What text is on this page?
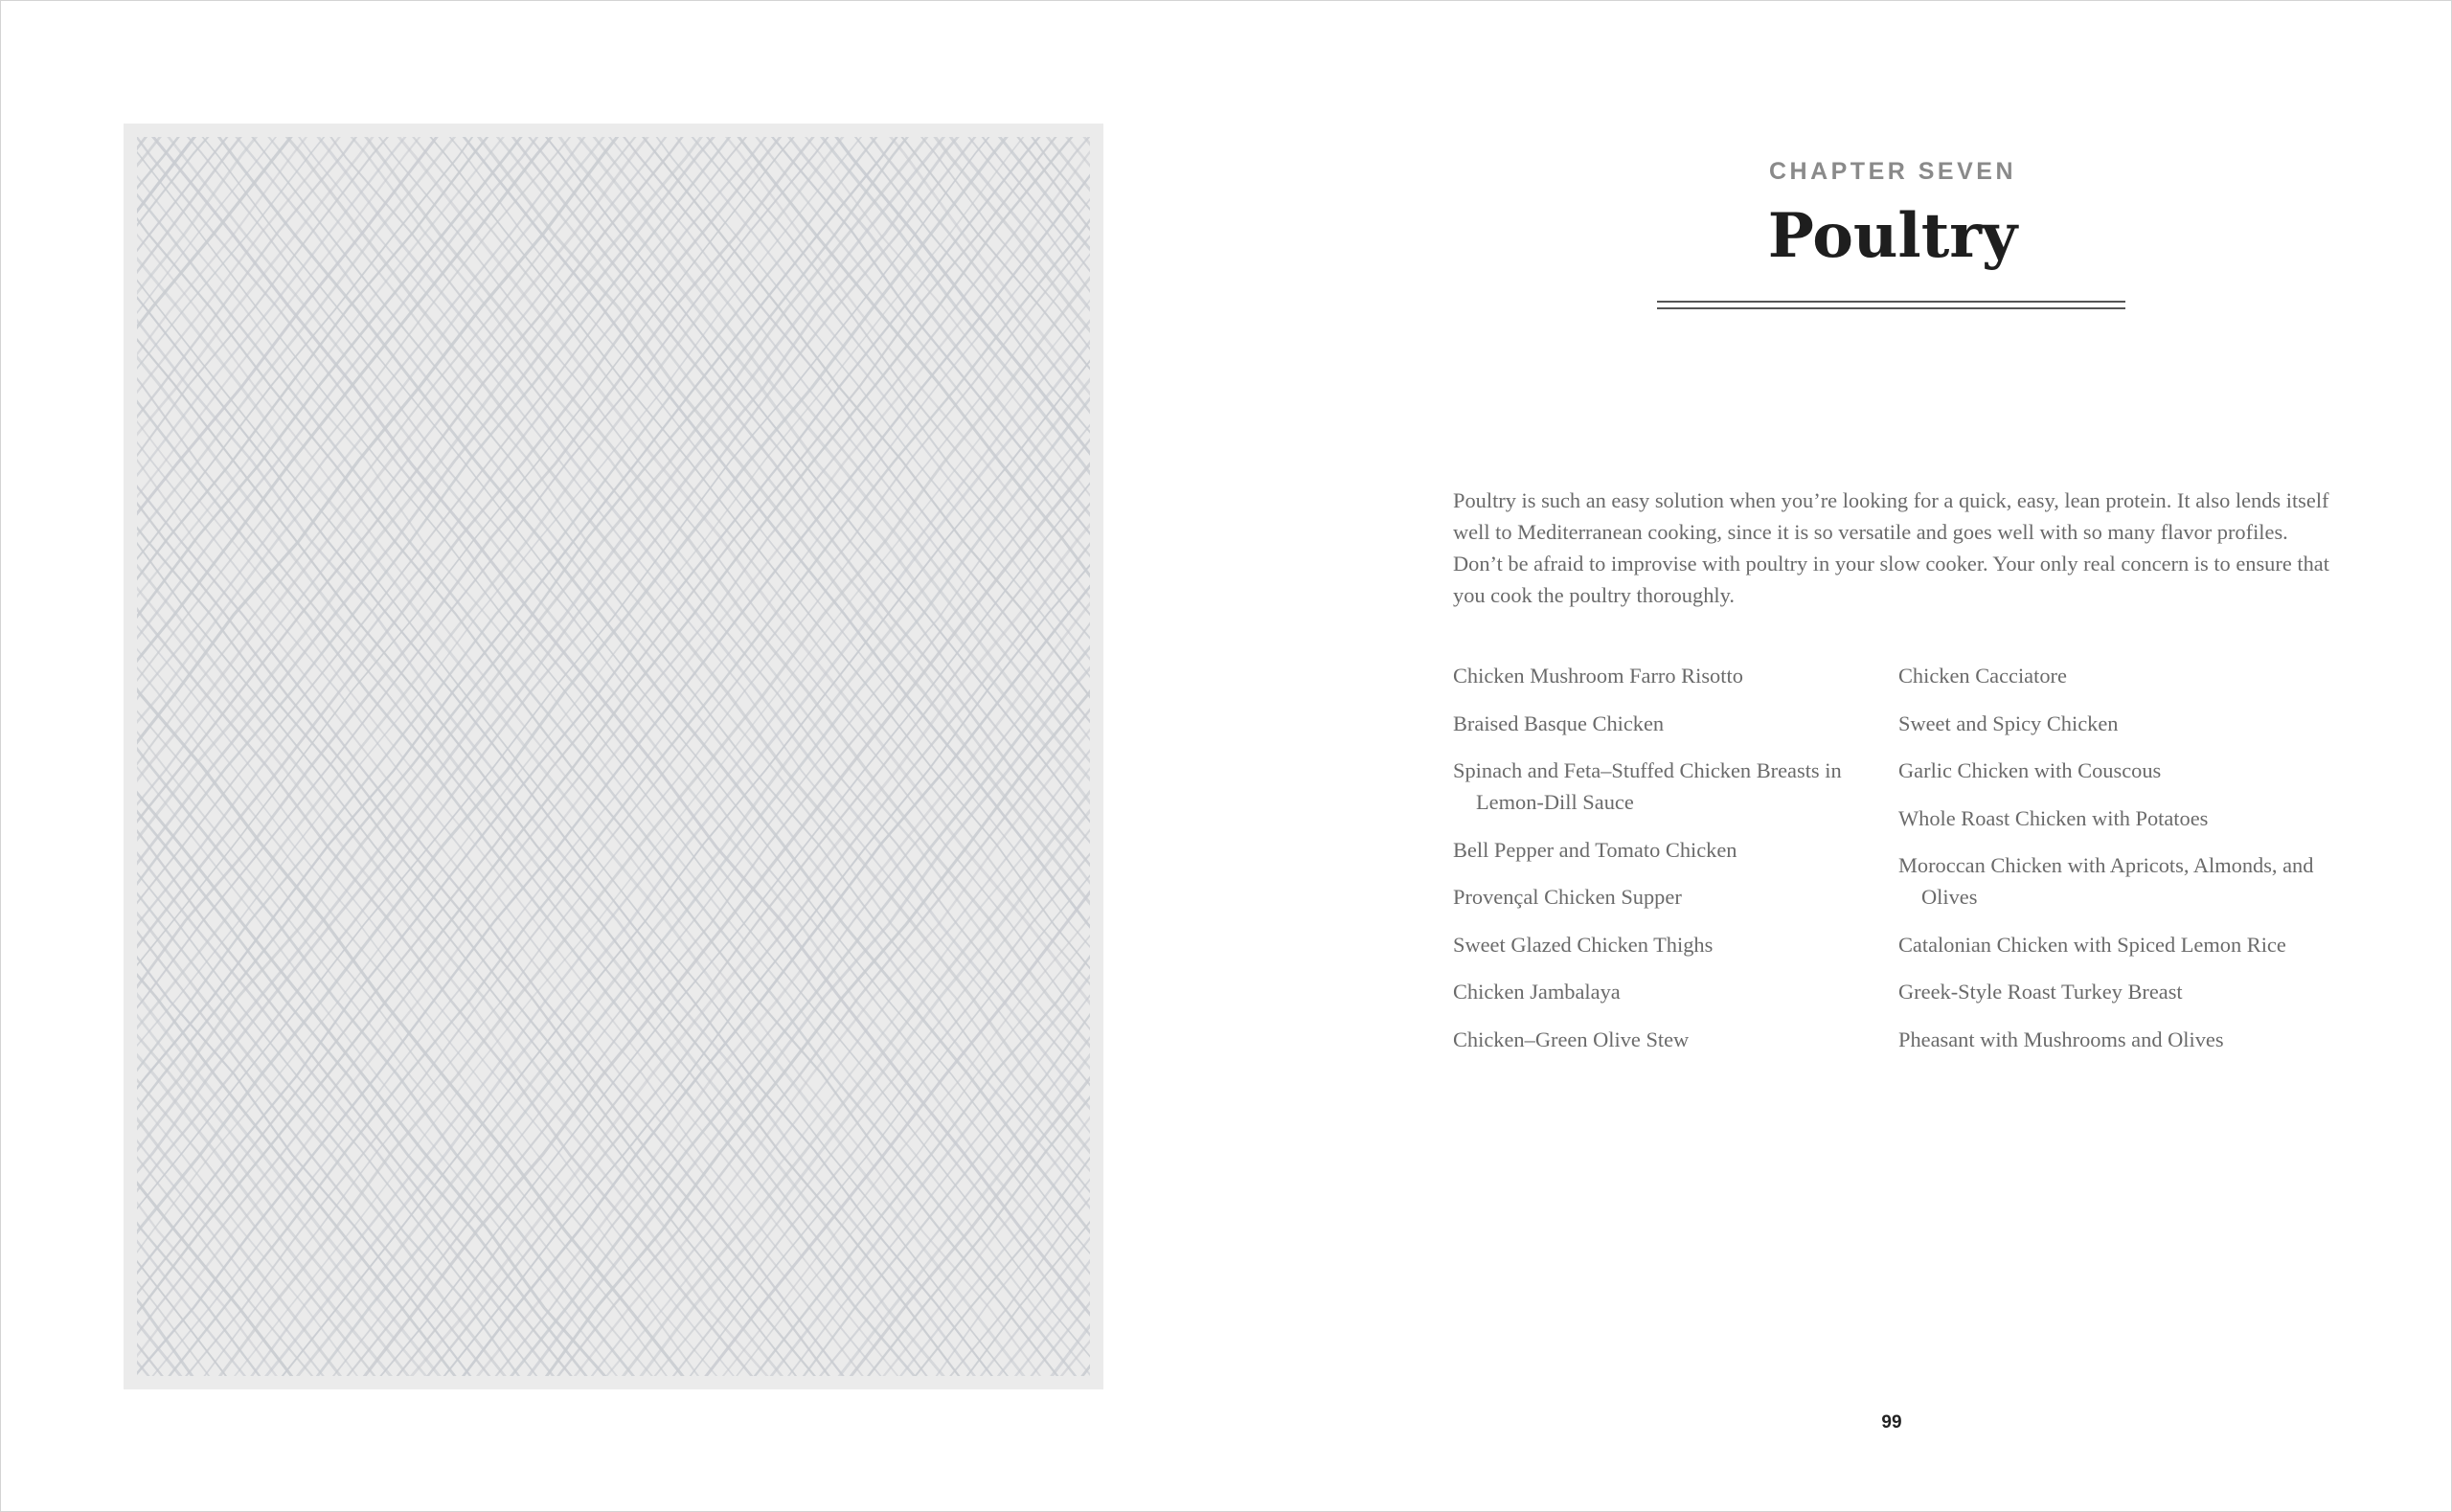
CHAPTER SEVEN
Poultry

Poultry is such an easy solution when you’re looking for a quick, easy, lean protein. It also lends itself well to Mediterranean cooking, since it is so versatile and goes well with so many flavor profiles. Don’t be afraid to improvise with poultry in your slow cooker. Your only real concern is to ensure that you cook the poultry thoroughly.

Chicken Mushroom Farro Risotto
Braised Basque Chicken
Spinach and Feta–Stuffed Chicken Breasts in Lemon-Dill Sauce
Bell Pepper and Tomato Chicken
Provençal Chicken Supper
Sweet Glazed Chicken Thighs
Chicken Jambalaya
Chicken–Green Olive Stew
Chicken Cacciatore
Sweet and Spicy Chicken
Garlic Chicken with Couscous
Whole Roast Chicken with Potatoes
Moroccan Chicken with Apricots, Almonds, and Olives
Catalonian Chicken with Spiced Lemon Rice
Greek-Style Roast Turkey Breast
Pheasant with Mushrooms and Olives
99
